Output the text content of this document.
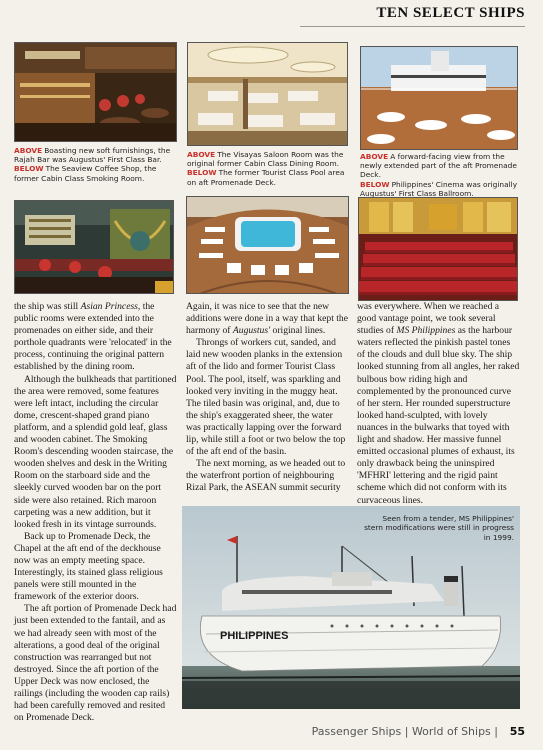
TEN SELECT SHIPS
ABOVE Boasting new soft furnishings, the Rajah Bar was Augustus' First Class Bar.
BELOW The Seaview Coffee Shop, the former Cabin Class Smoking Room.
ABOVE The Visayas Saloon Room was the original former Cabin Class Dining Room.
BELOW The former Tourist Class Pool area on aft Promenade Deck.
ABOVE A forward-facing view from the newly extended part of the aft Promenade Deck.
BELOW Philippines' Cinema was originally Augustus' First Class Ballroom.

the ship was still Asian Princess, the public rooms were extended into the promenades on either side, and their porthole quadrants were 'relocated' in the process, continuing the original pattern established by the dining room.

Although the bulkheads that partitioned the area were removed, some features were left intact, including the circular dome, crescent-shaped grand piano platform, and a splendid gold leaf, glass and wooden cabinet. The Smoking Room's descending wooden staircase, the wooden shelves and desk in the Writing Room on the starboard side and the sleekly curved wooden bar on the port side were also retained. Rich maroon carpeting was a new addition, but it looked fresh in its vintage surrounds.

Back up to Promenade Deck, the Chapel at the aft end of the deckhouse now was an empty meeting space. Interestingly, its stained glass religious panels were still mounted in the framework of the exterior doors.

The aft portion of Promenade Deck had just been extended to the fantail, and as we had already seen with most of the alterations, a good deal of the original construction was rearranged but not destroyed. Since the aft portion of the Upper Deck was now enclosed, the railings (including the wooden cap rails) had been carefully removed and resited on Promenade Deck.

Again, it was nice to see that the new additions were done in a way that kept the harmony of Augustus' original lines.

Throngs of workers cut, sanded, and laid new wooden planks in the extension aft of the lido and former Tourist Class Pool. The pool, itself, was sparkling and looked very inviting in the muggy heat. The tiled basin was original, and, due to the ship's exaggerated sheer, the water was practically lapping over the forward lip, while still a foot or two below the top of the aft end of the basin.

The next morning, as we headed out to the waterfront portion of neighbouring Rizal Park, the ASEAN summit security

was everywhere. When we reached a good vantage point, we took several studies of MS Philippines as the harbour waters reflected the pinkish pastel tones of the clouds and dull blue sky. The ship looked stunning from all angles, her raked bulbous bow riding high and complemented by the pronounced curve of her stern. Her rounded superstructure looked hand-sculpted, with lovely nuances in the bulwarks that toyed with light and shadow. Her massive funnel emitted occasional plumes of exhaust, its only drawback being the uninspired 'MFHRI' lettering and the rigid paint scheme which did not conform with its curvaceous lines.

PHILIPPINES
Seen from a tender, MS Philippines' stern modifications were still in progress in 1999.
Passenger Ships | World of Ships | 55
